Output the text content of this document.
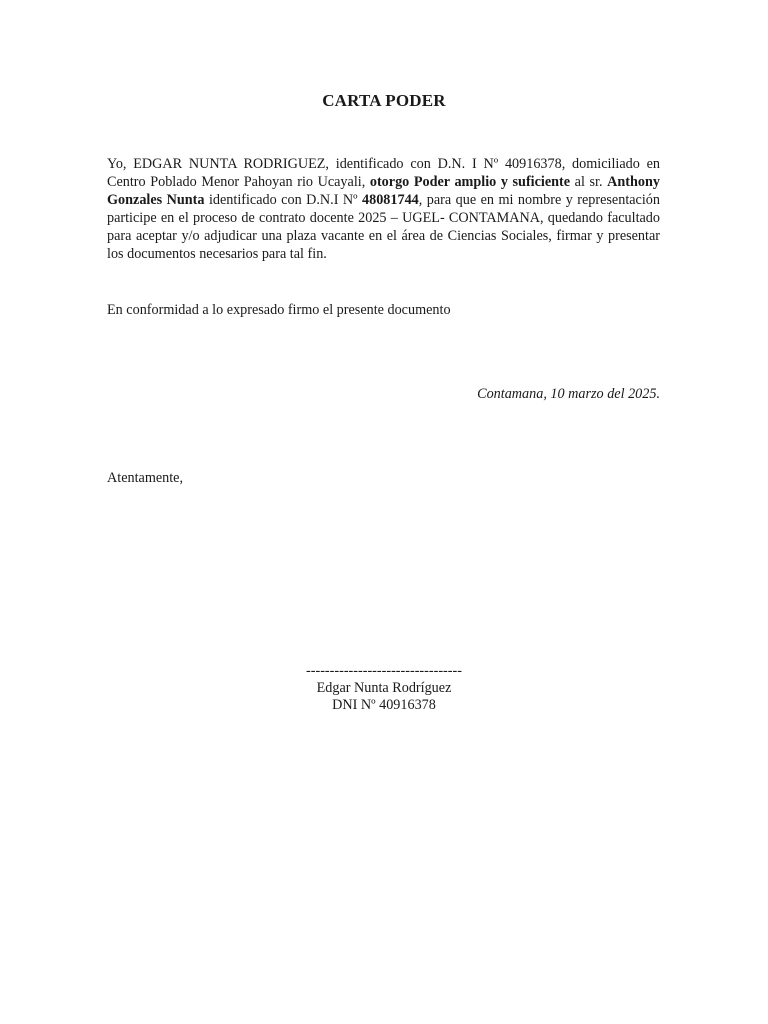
CARTA PODER
Yo, EDGAR NUNTA RODRIGUEZ, identificado con D.N. I Nº 40916378, domiciliado en Centro Poblado Menor Pahoyan rio Ucayali, otorgo Poder amplio y suficiente al sr. Anthony Gonzales Nunta identificado con D.N.I Nº 48081744, para que en mi nombre y representación participe en el proceso de contrato docente 2025 – UGEL- CONTAMANA, quedando facultado para aceptar y/o adjudicar una plaza vacante en el área de Ciencias Sociales, firmar y presentar los documentos necesarios para tal fin.
En conformidad a lo expresado firmo el presente documento
Contamana, 10 marzo del 2025.
Atentamente,
---------------------------------
Edgar Nunta Rodríguez
DNI Nº 40916378
